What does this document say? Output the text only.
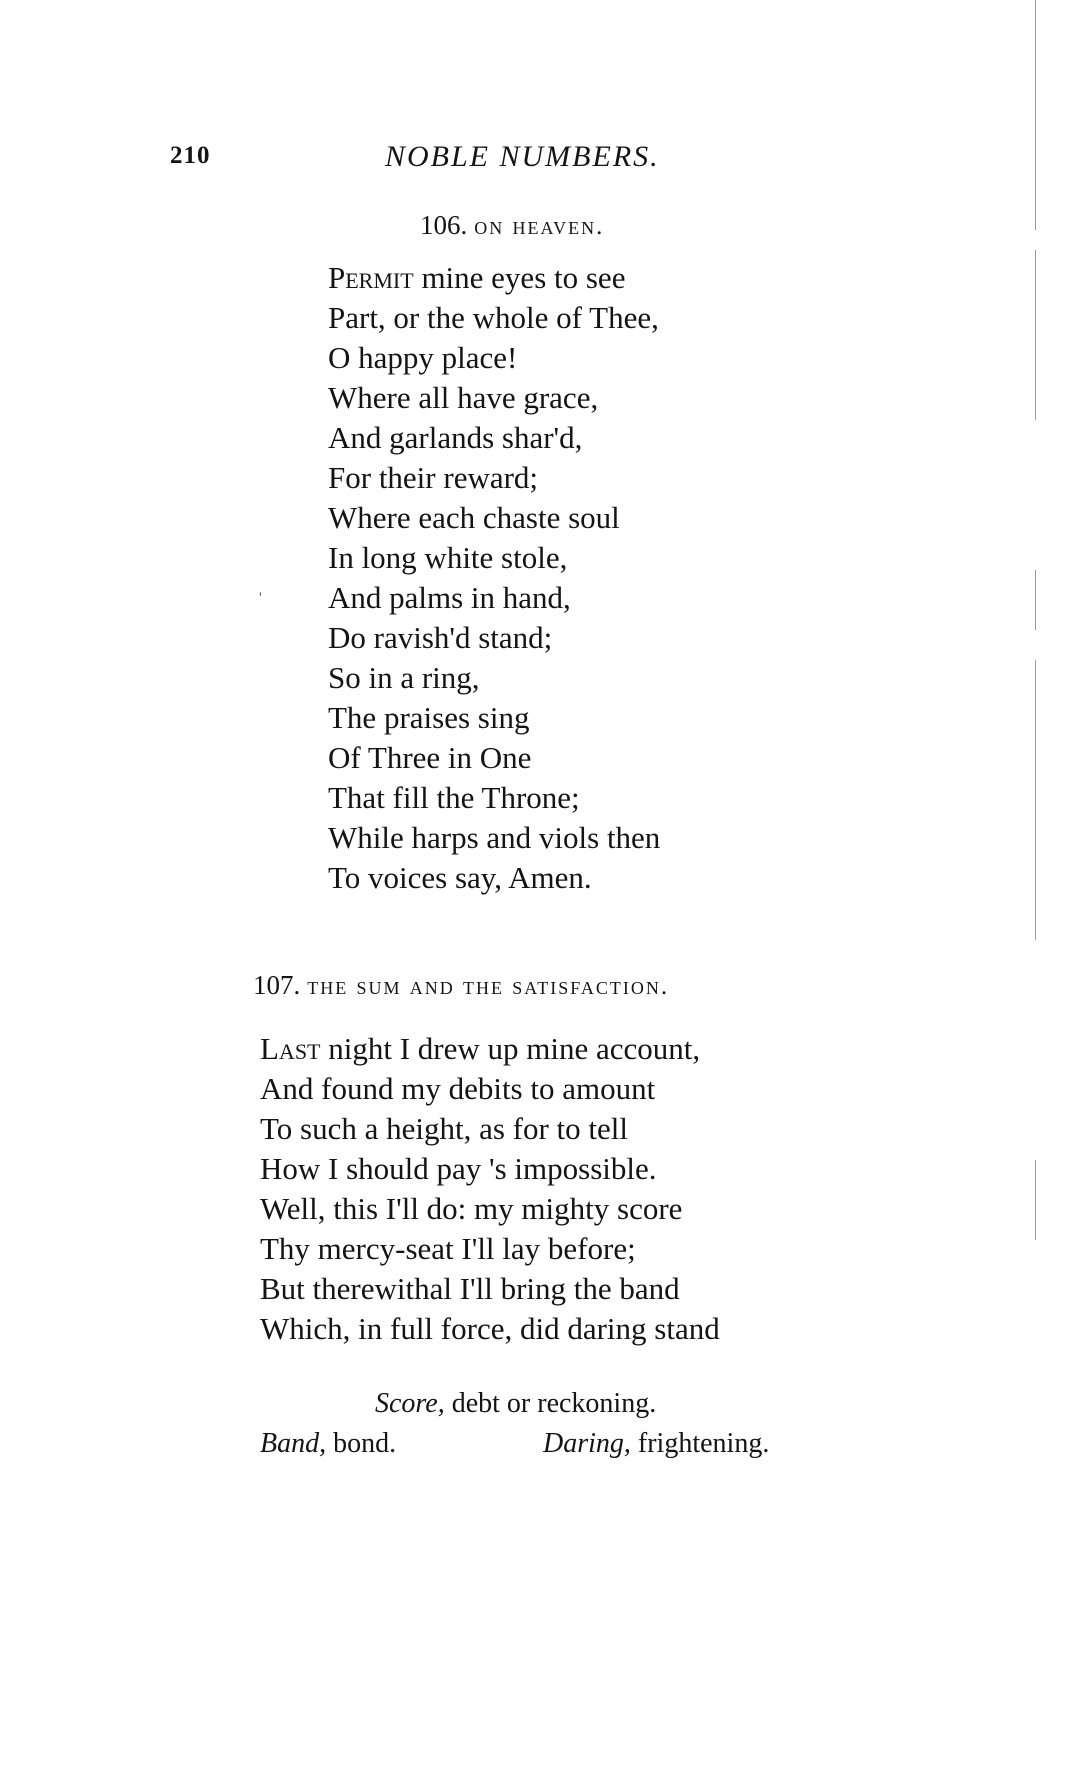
210	NOBLE NUMBERS.
106. on heaven.
Permit mine eyes to see
Part, or the whole of Thee,
O happy place!
Where all have grace,
And garlands shar'd,
For their reward;
Where each chaste soul
In long white stole,
And palms in hand,
Do ravish'd stand;
So in a ring,
The praises sing
Of Three in One
That fill the Throne;
While harps and viols then
To voices say, Amen.
'
107. the sum and the satisfaction.
Last night I drew up mine account,
And found my debits to amount
To such a height, as for to tell
How I should pay 's impossible.
Well, this I'll do: my mighty score
Thy mercy-seat I'll lay before;
But therewithal I'll bring the band
Which, in full force, did daring stand
Score, debt or reckoning.
Band, bond.	Daring, frightening.
